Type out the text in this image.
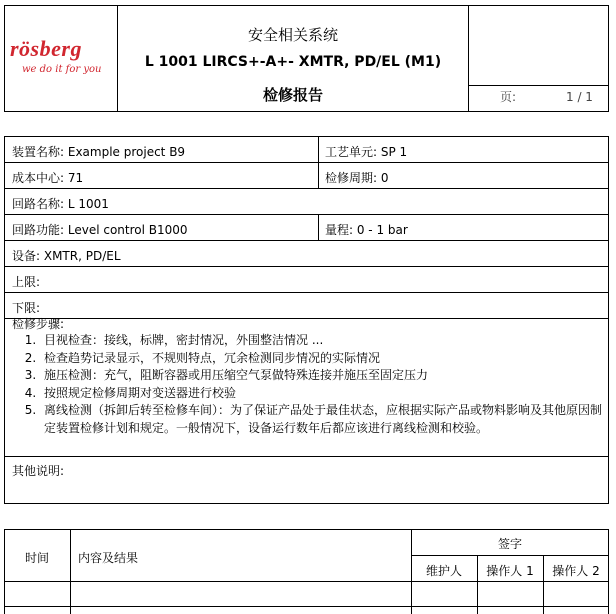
rösberg
we do it for you
安全相关系统
L 1001 LIRCS+-A+- XMTR, PD/EL (M1)
检修报告	页:	1 / 1
装置名称: Example project B9	工艺单元: SP 1
成本中心: 71	检修周期: 0
回路名称: L 1001
回路功能: Level control B1000	量程: 0 - 1 bar
设备: XMTR, PD/EL
上限:
下限:
检修步骤:
1. 目视检查：接线，标牌，密封情况，外围整洁情况 ...
2. 检查趋势记录显示，不规则特点，冗余检测同步情况的实际情况
3. 施压检测：充气，阻断容器或用压缩空气泵做特殊连接并施压至固定压力
4. 按照规定检修周期对变送器进行校验
5. 离线检测（拆卸后转至检修车间）：为了保证产品处于最佳状态，应根据实际产品或物料影响及其他原因制定装置检修计划和规定。一般情况下，设备运行数年后都应该进行离线检测和校验。
其他说明:
时间	内容及结果
签字
维护人	操作人 1	操作人 2
